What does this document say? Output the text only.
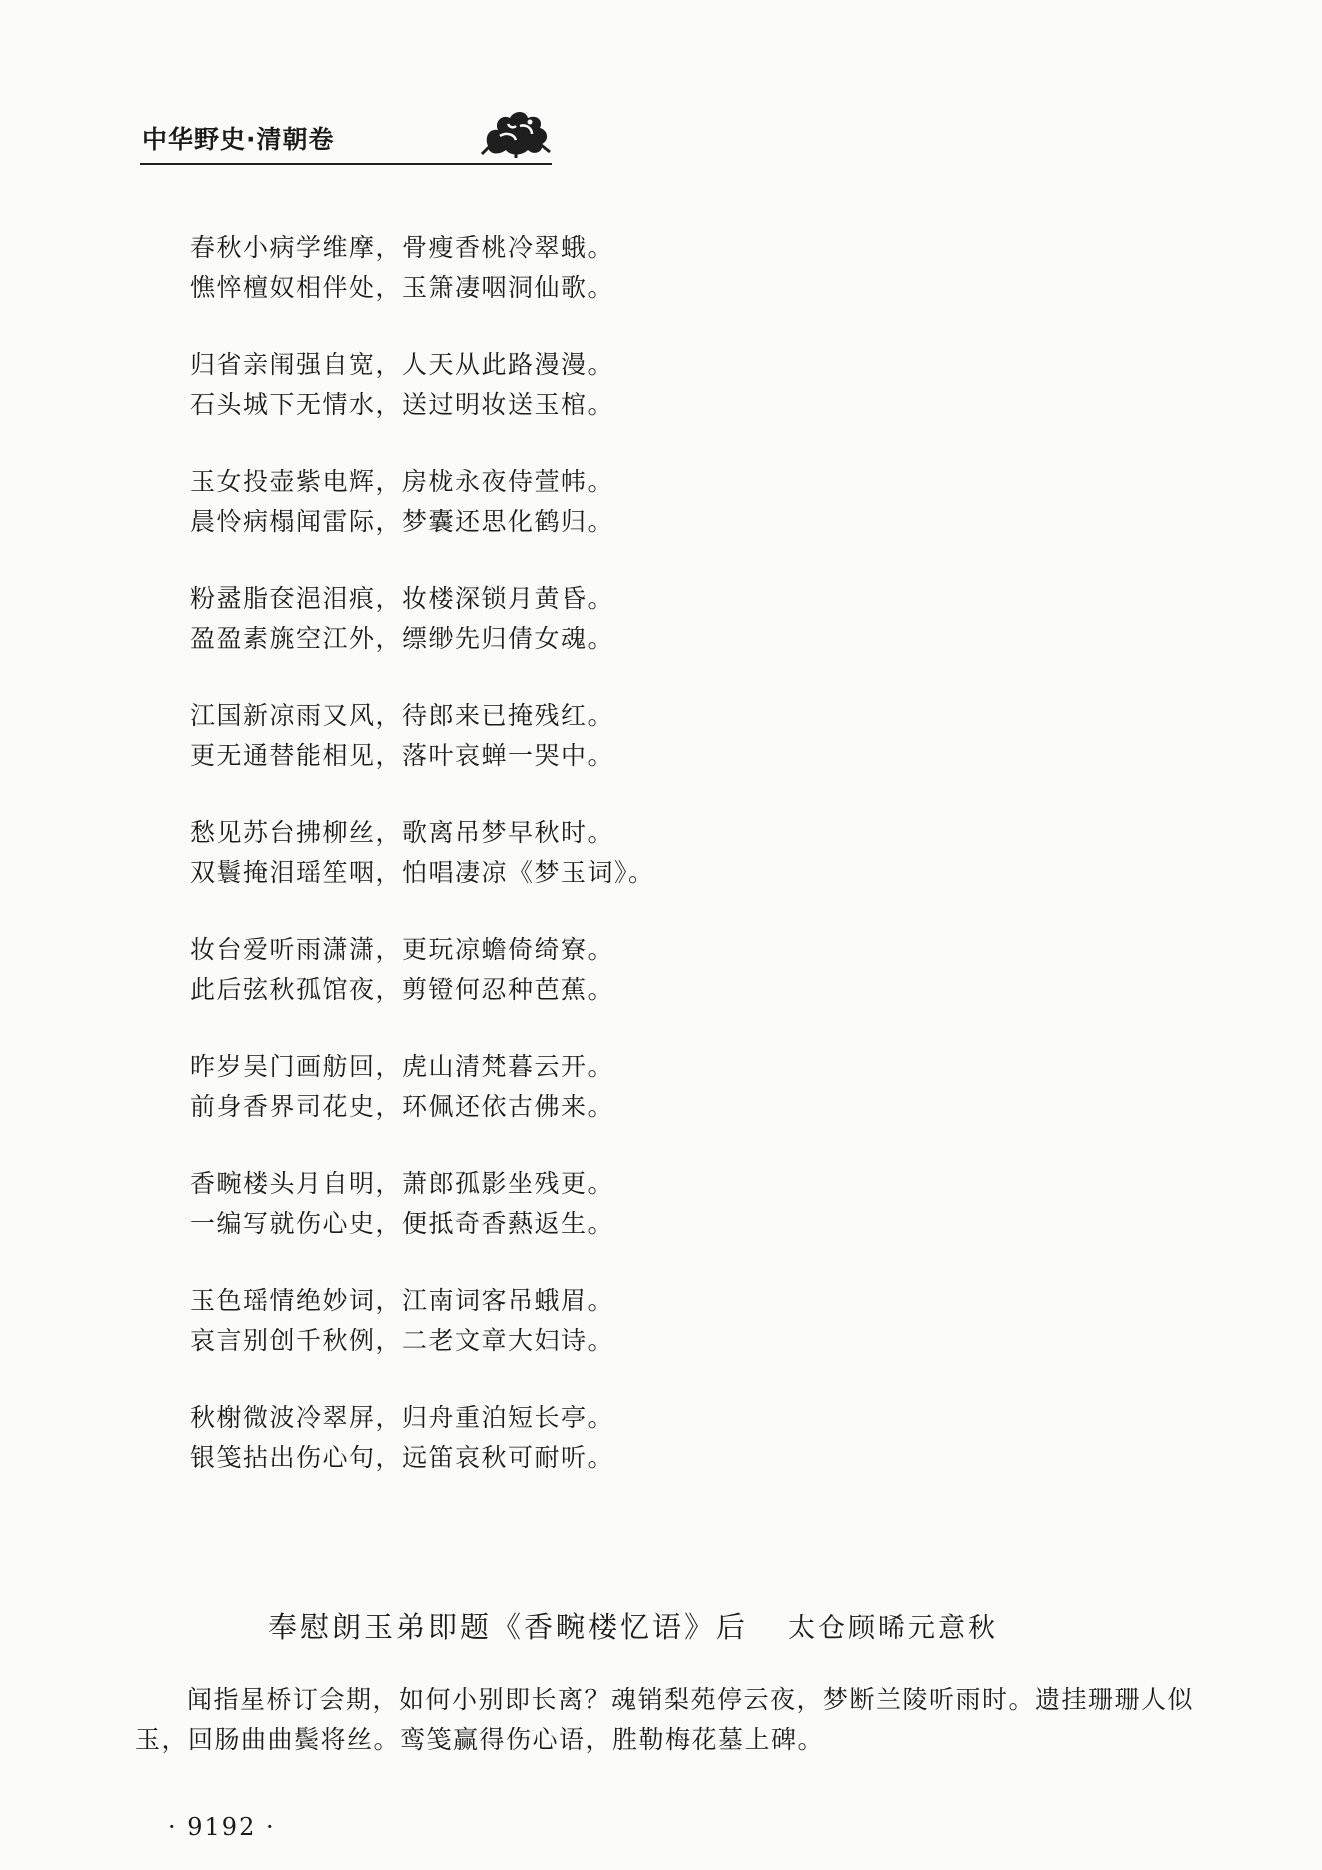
中华野史·清朝卷
春秋小病学维摩，骨瘦香桃冷翠蛾。
憔悴檀奴相伴处，玉箫凄咽洞仙歌。
归省亲闱强自宽，人天从此路漫漫。
石头城下无情水，送过明妆送玉棺。
玉女投壶紫电辉，房栊永夜侍萱帏。
晨怜病榻闻雷际，梦囊还思化鹤归。
粉盝脂奁浥泪痕，妆楼深锁月黄昏。
盈盈素旐空江外，缥缈先归倩女魂。
江国新凉雨又风，待郎来已掩残红。
更无通替能相见，落叶哀蝉一哭中。
愁见苏台拂柳丝，歌离吊梦早秋时。
双鬟掩泪瑶笙咽，怕唱凄凉《梦玉词》。
妆台爱听雨潇潇，更玩凉蟾倚绮寮。
此后弦秋孤馆夜，剪镫何忍种芭蕉。
昨岁吴门画舫回，虎山清梵暮云开。
前身香界司花史，环佩还依古佛来。
香畹楼头月自明，萧郎孤影坐残更。
一编写就伤心史，便抵奇香爇返生。
玉色瑶情绝妙词，江南词客吊蛾眉。
哀言别创千秋例，二老文章大妇诗。
秋榭微波冷翠屏，归舟重泊短长亭。
银笺拈出伤心句，远笛哀秋可耐听。
奉慰朗玉弟即题《香畹楼忆语》后 太仓顾晞元意秋
闻指星桥订会期，如何小别即长离？魂销梨苑停云夜，梦断兰陵听雨时。遗挂珊珊人似玉，回肠曲曲鬓将丝。鸾笺赢得伤心语，胜勒梅花墓上碑。
· 9192 ·
